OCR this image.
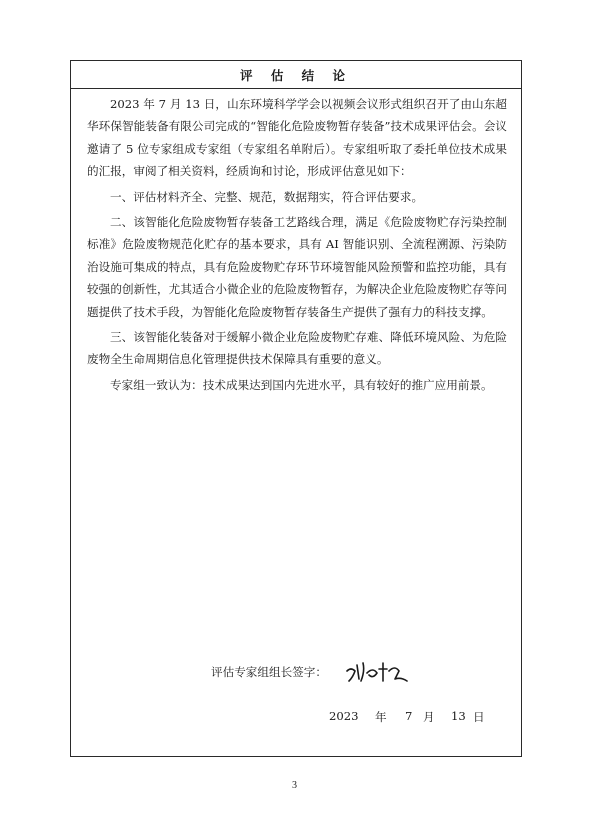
评 估 结 论

2023 年 7 月 13 日，山东环境科学学会以视频会议形式组织召开了由山东超华环保智能装备有限公司完成的“智能化危险废物暂存装备”技术成果评估会。会议邀请了 5 位专家组成专家组（专家组名单附后）。专家组听取了委托单位技术成果的汇报，审阅了相关资料，经质询和讨论，形成评估意见如下：

一、评估材料齐全、完整、规范，数据翔实，符合评估要求。

二、该智能化危险废物暂存装备工艺路线合理，满足《危险废物贮存污染控制标准》危险废物规范化贮存的基本要求，具有 AI 智能识别、全流程溯源、污染防治设施可集成的特点，具有危险废物贮存环节环境智能风险预警和监控功能，具有较强的创新性，尤其适合小微企业的危险废物暂存，为解决企业危险废物贮存等问题提供了技术手段，为智能化危险废物暂存装备生产提供了强有力的科技支撑。

三、该智能化装备对于缓解小微企业危险废物贮存难、降低环境风险、为危险废物全生命周期信息化管理提供技术保障具有重要的意义。

专家组一致认为：技术成果达到国内先进水平，具有较好的推广应用前景。

评估专家组组长签字：
2023	年	7 月	13 日
3
